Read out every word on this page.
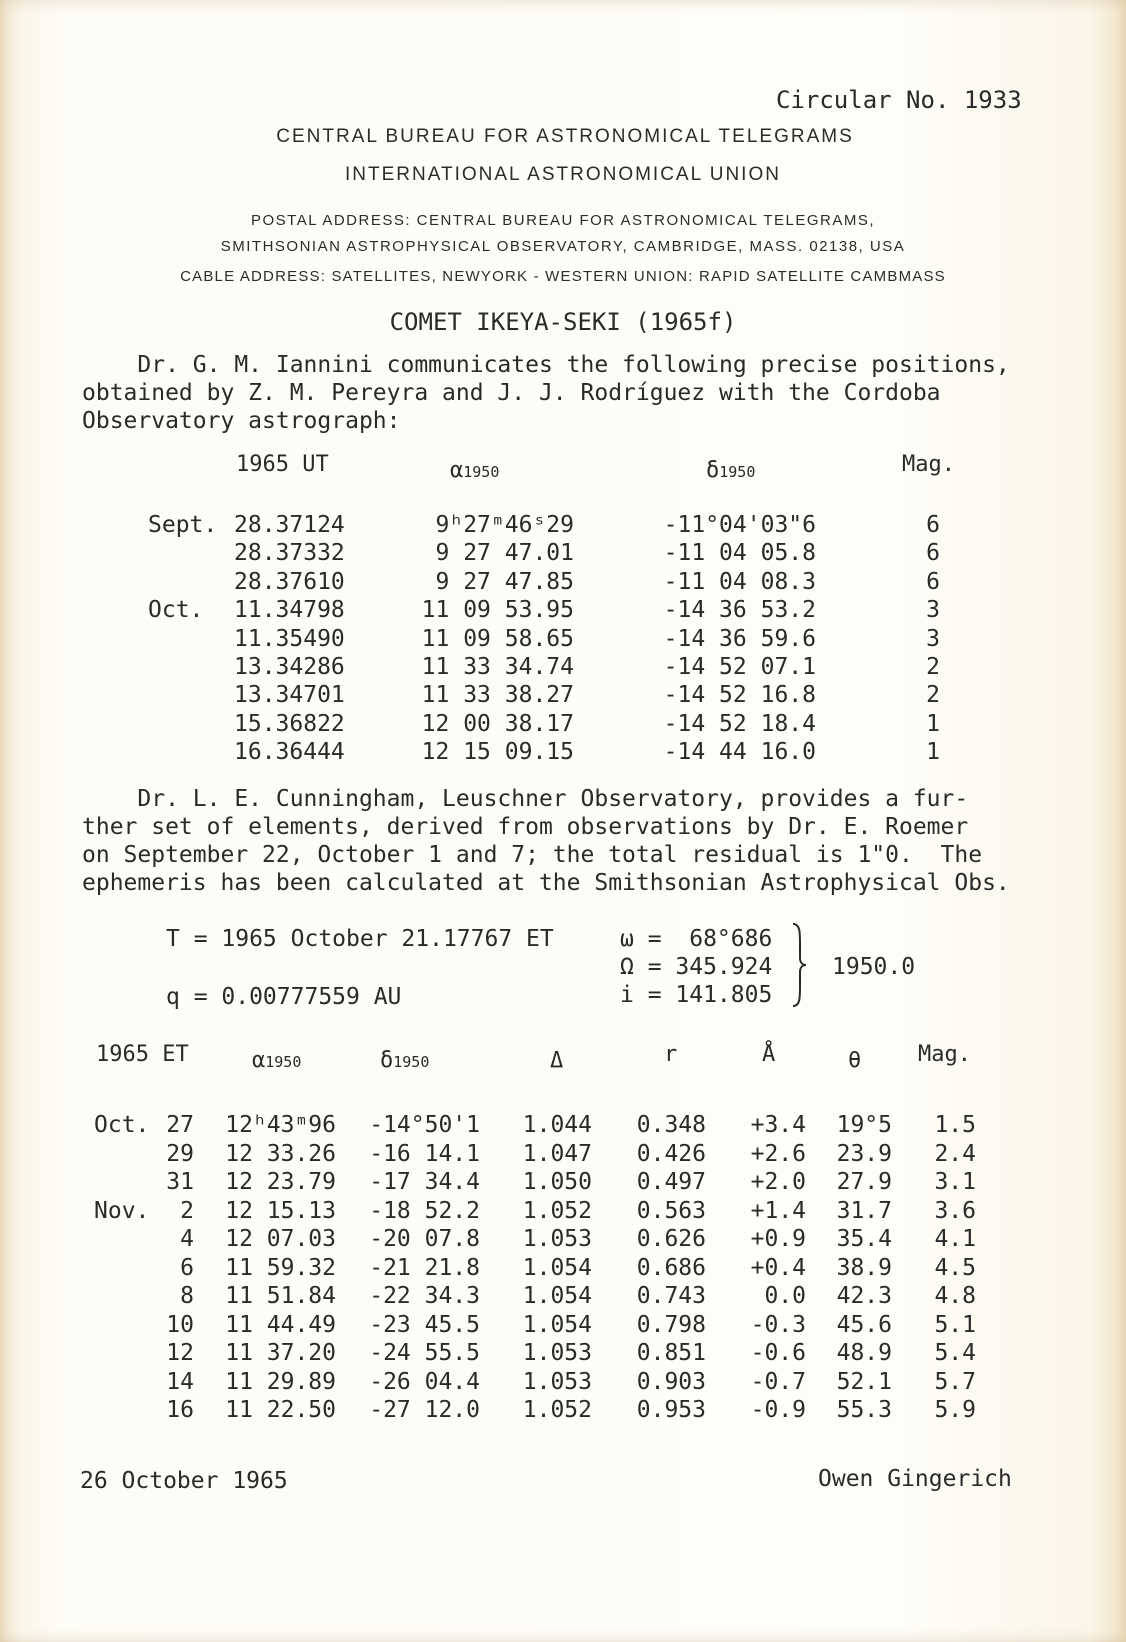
Circular No. 1933
CENTRAL BUREAU FOR ASTRONOMICAL TELEGRAMS
INTERNATIONAL ASTRONOMICAL UNION
POSTAL ADDRESS: CENTRAL BUREAU FOR ASTRONOMICAL TELEGRAMS,
SMITHSONIAN ASTROPHYSICAL OBSERVATORY, CAMBRIDGE, MASS. 02138, USA
CABLE ADDRESS: SATELLITES, NEWYORK - WESTERN UNION: RAPID SATELLITE CAMBMASS
COMET IKEYA-SEKI (1965f)
Dr. G. M. Iannini communicates the following precise positions,
obtained by Z. M. Pereyra and J. J. Rodríguez with the Cordoba
Observatory astrograph:
1965 UT	α1950	δ1950	Mag.
Sept. 28.37124	9ʰ27ᵐ46ˢ29	-11°04'03"6	6
28.37332	9 27 47.01	-11 04 05.8	6
28.37610	9 27 47.85	-11 04 08.3	6
Oct. 11.34798	11 09 53.95	-14 36 53.2	3
11.35490	11 09 58.65	-14 36 59.6	3
13.34286	11 33 34.74	-14 52 07.1	2
13.34701	11 33 38.27	-14 52 16.8	2
15.36822	12 00 38.17	-14 52 18.4	1
16.36444	12 15 09.15	-14 44 16.0	1
Dr. L. E. Cunningham, Leuschner Observatory, provides a fur-
ther set of elements, derived from observations by Dr. E. Roemer
on September 22, October 1 and 7; the total residual is 1"0.  The
ephemeris has been calculated at the Smithsonian Astrophysical Obs.
T = 1965 October 21.17767 ET
q = 0.00777559 AU
ω =  68°686
Ω = 345.924
i = 141.805
1950.0
1965 ET	α1950	δ1950	Δ	r	Å	θ	Mag.
Oct. 27	12ʰ43ᵐ96	-14°50'1	1.044	0.348	+3.4	19°5	1.5
29	12 33.26	-16 14.1	1.047	0.426	+2.6	23.9	2.4
31	12 23.79	-17 34.4	1.050	0.497	+2.0	27.9	3.1
Nov.	2	12 15.13	-18 52.2	1.052	0.563	+1.4	31.7	3.6
4	12 07.03	-20 07.8	1.053	0.626	+0.9	35.4	4.1
6	11 59.32	-21 21.8	1.054	0.686	+0.4	38.9	4.5
8	11 51.84	-22 34.3	1.054	0.743	0.0	42.3	4.8
10	11 44.49	-23 45.5	1.054	0.798	-0.3	45.6	5.1
12	11 37.20	-24 55.5	1.053	0.851	-0.6	48.9	5.4
14	11 29.89	-26 04.4	1.053	0.903	-0.7	52.1	5.7
16	11 22.50	-27 12.0	1.052	0.953	-0.9	55.3	5.9
26 October 1965	Owen Gingerich
